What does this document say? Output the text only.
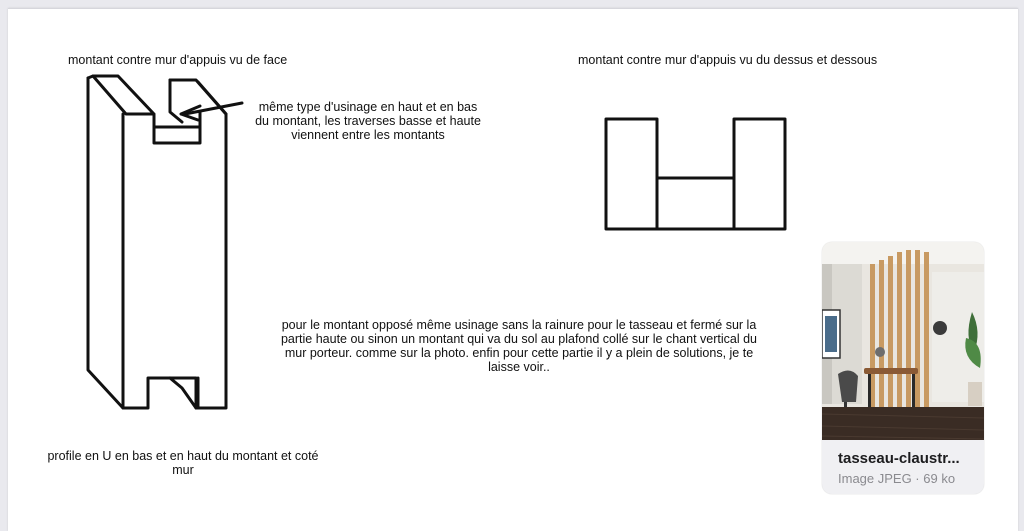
montant contre mur d'appuis vu de face	montant contre mur d'appuis vu du dessus et dessous

même type d'usinage en haut et en bas
du montant, les traverses basse et haute
viennent entre les montants
pour le montant opposé même usinage sans la rainure pour le tasseau et fermé sur la
partie haute ou sinon un montant qui va du sol au plafond collé sur le chant vertical du
mur porteur. comme sur la photo. enfin pour cette partie il y a plein de solutions, je te
laisse voir..
profile en U en bas et en haut du montant et coté
mur
tasseau-claustr...
Image JPEG · 69 ko
